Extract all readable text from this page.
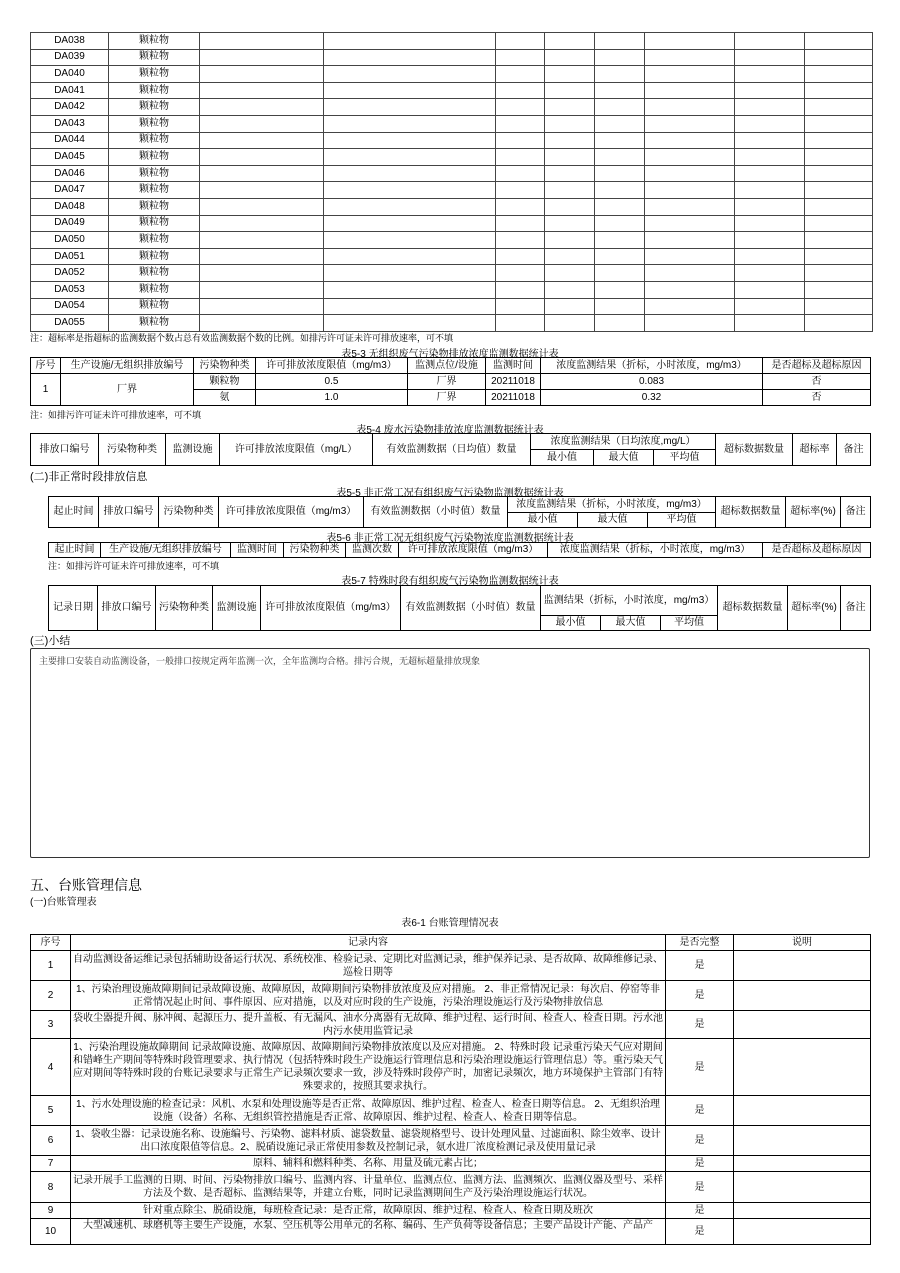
DA038	颗粒物								
DA039	颗粒物								
DA040	颗粒物								
DA041	颗粒物								
DA042	颗粒物								
DA043	颗粒物								
DA044	颗粒物								
DA045	颗粒物								
DA046	颗粒物								
DA047	颗粒物								
DA048	颗粒物								
DA049	颗粒物								
DA050	颗粒物								
DA051	颗粒物								
DA052	颗粒物								
DA053	颗粒物								
DA054	颗粒物								
DA055	颗粒物								
注：超标率是指超标的监测数据个数占总有效监测数据个数的比例。如排污许可证未许可排放速率，可不填
表5-3 无组织废气污染物排放浓度监测数据统计表
序号	生产设施/无组织排放编号	污染物种类	许可排放浓度限值（mg/m3）	监测点位/设施	监测时间	浓度监测结果（折标，小时浓度，mg/m3）	是否超标及超标原因
1	厂界	颗粒物	0.5	厂界	20211018	0.083	否
		氨	1.0	厂界	20211018	0.32	否
注：如排污许可证未许可排放速率，可不填
表5-4 废水污染物排放浓度监测数据统计表
排放口编号	污染物种类	监测设施	许可排放浓度限值（mg/L）	有效监测数据（日均值）数量	浓度监测结果（日均浓度,mg/L）			超标数据数量	超标率	备注
					最小值	最大值	平均值			
(二)非正常时段排放信息
表5-5 非正常工况有组织废气污染物监测数据统计表
起止时间	排放口编号	污染物种类	许可排放浓度限值（mg/m3）	有效监测数据（小时值）数量	浓度监测结果（折标，小时浓度，mg/m3）			超标数据数量	超标率(%)	备注
					最小值	最大值	平均值			
表5-6 非正常工况无组织废气污染物浓度监测数据统计表
起止时间	生产设施/无组织排放编号	监测时间	污染物种类	监测次数	许可排放浓度限值（mg/m3）	浓度监测结果（折标，小时浓度，mg/m3）	是否超标及超标原因
注：如排污许可证未许可排放速率，可不填
表5-7 特殊时段有组织废气污染物监测数据统计表
记录日期	排放口编号	污染物种类	监测设施	许可排放浓度限值（mg/m3）	有效监测数据（小时值）数量	监测结果（折标，小时浓度，mg/m3）			超标数据数量	超标率(%)	备注
						最小值	最大值	平均值			
(三)小结
主要排口安装自动监测设备，一般排口按规定两年监测一次，全年监测均合格。排污合规，无超标超量排放现象
五、台账管理信息
(一)台账管理表
表6-1 台账管理情况表
序号	记录内容	是否完整	说明
1	自动监测设备运维记录包括辅助设备运行状况、系统校准、检验记录、定期比对监测记录，维护保养记录、是否故障、故障维修记录、巡检日期等	是	
2	1、污染治理设施故障期间记录故障设施、故障原因，故障期间污染物排放浓度及应对措施。 2、非正常情况记录：每次启、停窑等非正常情况起止时间、事件原因、应对措施，以及对应时段的生产设施，污染治理设施运行及污染物排放信息	是	
3	袋收尘器提升阀、脉冲阀、起源压力、提升盖板、有无漏风、油水分离器有无故障、维护过程、运行时间、检查人、检查日期。污水池内污水使用监管记录	是	
4	1、污染治理设施故障期间 记录故障设施、故障原因、故障期间污染物排放浓度以及应对措施。 2、特殊时段 记录重污染天气应对期间和错峰生产期间等特殊时段管理要求、执行情况（包括特殊时段生产设施运行管理信息和污染治理设施运行管理信息）等。重污染天气应对期间等特殊时段的台账记录要求与正常生产记录频次要求一致，涉及特殊时段停产时，加密记录频次，地方环境保护主管部门有特殊要求的，按照其要求执行。	是	
5	1、污水处理设施的检查记录：风机、水泵和处理设施等是否正常、故障原因、维护过程、检查人、检查日期等信息。 2、无组织治理设施（设备）名称、无组织管控措施是否正常、故障原因、维护过程、检查人、检查日期等信息。	是	
6	1、袋收尘器：记录设施名称、设施编号、污染物、滤料材质、滤袋数量、滤袋规格型号、设计处理风量、过滤面积、除尘效率、设计出口浓度限值等信息。2、脱硝设施记录正常使用参数及控制记录，氨水进厂浓度检测记录及使用量记录	是	
7	原料、辅料和燃料种类、名称、用量及硫元素占比；	是	
8	记录开展手工监测的日期、时间、污染物排放口编号、监测内容、计量单位、监测点位、监测方法、监测频次、监测仪器及型号、采样方法及个数、是否超标、监测结果等，并建立台账，同时记录监测期间生产及污染治理设施运行状况。	是	
9	针对重点除尘、脱硝设施，每班检查记录：是否正常，故障原因、维护过程、检查人、检查日期及班次	是	
10	大型减速机、球磨机等主要生产设施，水泵、空压机等公用单元的名称、编码、生产负荷等设备信息；主要产品设计产能、产品产	是	
